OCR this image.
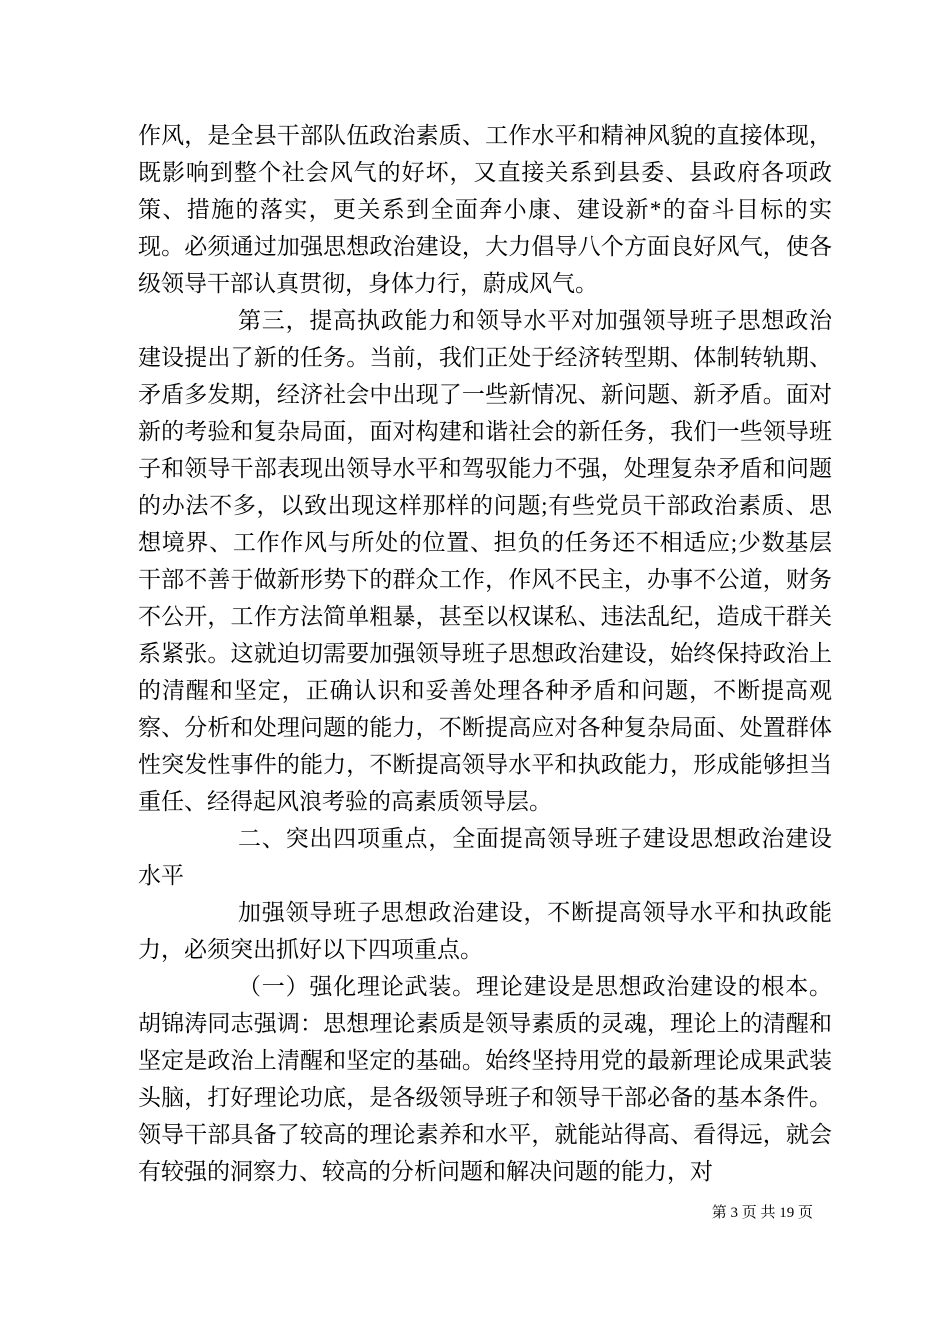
作风，是全县干部队伍政治素质、工作水平和精神风貌的直接体现，既影响到整个社会风气的好坏，又直接关系到县委、县政府各项政策、措施的落实，更关系到全面奔小康、建设新*的奋斗目标的实现。必须通过加强思想政治建设，大力倡导八个方面良好风气，使各级领导干部认真贯彻，身体力行，蔚成风气。

第三，提高执政能力和领导水平对加强领导班子思想政治建设提出了新的任务。当前，我们正处于经济转型期、体制转轨期、矛盾多发期，经济社会中出现了一些新情况、新问题、新矛盾。面对新的考验和复杂局面，面对构建和谐社会的新任务，我们一些领导班子和领导干部表现出领导水平和驾驭能力不强，处理复杂矛盾和问题的办法不多，以致出现这样那样的问题;有些党员干部政治素质、思想境界、工作作风与所处的位置、担负的任务还不相适应;少数基层干部不善于做新形势下的群众工作，作风不民主，办事不公道，财务不公开，工作方法简单粗暴，甚至以权谋私、违法乱纪，造成干群关系紧张。这就迫切需要加强领导班子思想政治建设，始终保持政治上的清醒和坚定，正确认识和妥善处理各种矛盾和问题，不断提高观察、分析和处理问题的能力，不断提高应对各种复杂局面、处置群体性突发性事件的能力，不断提高领导水平和执政能力，形成能够担当重任、经得起风浪考验的高素质领导层。

二、突出四项重点，全面提高领导班子建设思想政治建设水平

加强领导班子思想政治建设，不断提高领导水平和执政能力，必须突出抓好以下四项重点。

（一）强化理论武装。理论建设是思想政治建设的根本。胡锦涛同志强调：思想理论素质是领导素质的灵魂，理论上的清醒和坚定是政治上清醒和坚定的基础。始终坚持用党的最新理论成果武装头脑，打好理论功底，是各级领导班子和领导干部必备的基本条件。领导干部具备了较高的理论素养和水平，就能站得高、看得远，就会有较强的洞察力、较高的分析问题和解决问题的能力，对

第 3 页 共 19 页
